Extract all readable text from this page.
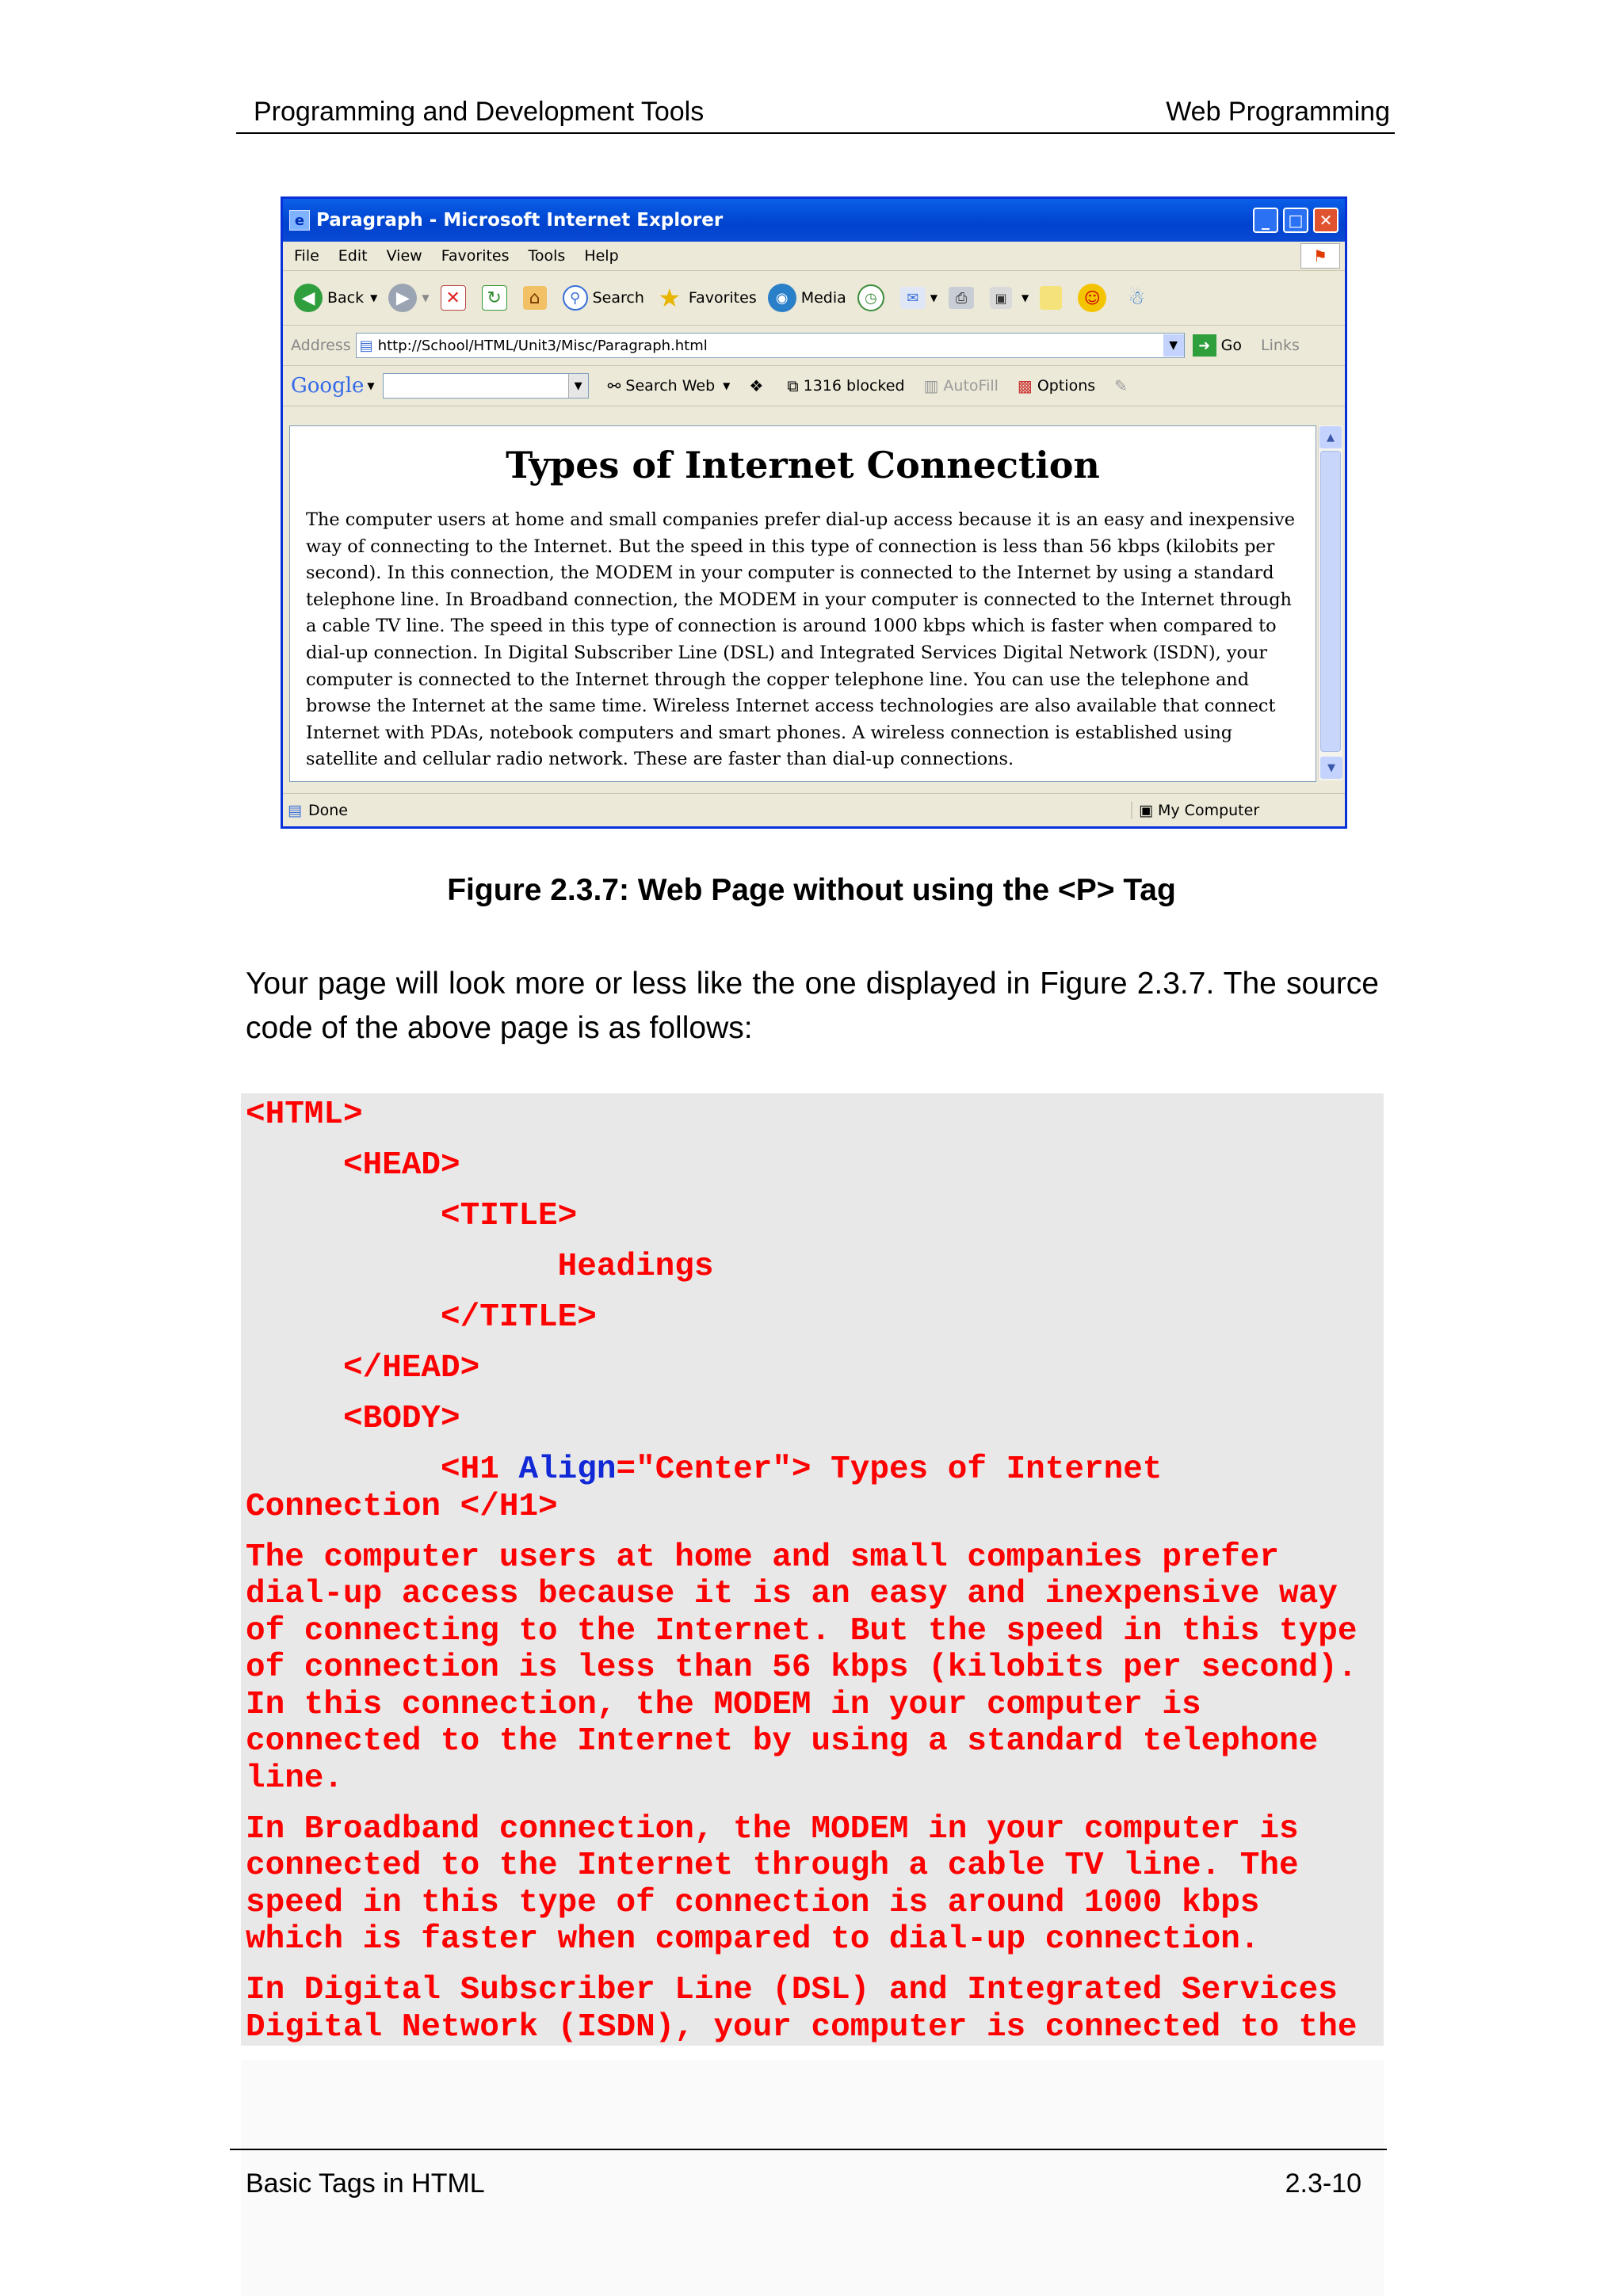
Programming and Development Tools	Web Programming
e Paragraph - Microsoft Internet Explorer	_	□	✕
File Edit View Favorites Tools Help	⚑
◀ Back ▼	▶	▼ ✕	↻	⌂	⚲ Search ★ Favorites	◉ Media	◷	✉	▼	⎙	▣	▼	☺	☃
Address ▤ http://School/HTML/Unit3/Misc/Paragraph.html	▼	➜ Go Links
Google ▼	▼	⚯ Search Web ▼ ❖ ⧉ 1316 blocked ▥ AutoFill ▩ Options ✎
Types of Internet Connection

The computer users at home and small companies prefer dial-up access because it is an easy and inexpensive way of connecting to the Internet. But the speed in this type of connection is less than 56 kbps (kilobits per second). In this connection, the MODEM in your computer is connected to the Internet by using a standard telephone line. In Broadband connection, the MODEM in your computer is connected to the Internet through a cable TV line. The speed in this type of connection is around 1000 kbps which is faster when compared to dial-up connection. In Digital Subscriber Line (DSL) and Integrated Services Digital Network (ISDN), your computer is connected to the Internet through the copper telephone line. You can use the telephone and browse the Internet at the same time. Wireless Internet access technologies are also available that connect Internet with PDAs, notebook computers and smart phones. A wireless connection is established using satellite and cellular radio network. These are faster than dial-up connections.

▲
▼
▤ Done	▣ My Computer
Figure 2.3.7: Web Page without using the <P> Tag
Your page will look more or less like the one displayed in Figure 2.3.7. The source code of the above page is as follows:
<HTML>
<HEAD>
<TITLE>
Headings
</TITLE>
</HEAD>
<BODY>
<H1 Align="Center"> Types of Internet
Connection </H1>
The computer users at home and small companies prefer
dial-up access because it is an easy and inexpensive way
of connecting to the Internet. But the speed in this type
of connection is less than 56 kbps (kilobits per second).
In this connection, the MODEM in your computer is
connected to the Internet by using a standard telephone
line.
In Broadband connection, the MODEM in your computer is
connected to the Internet through a cable TV line. The
speed in this type of connection is around 1000 kbps
which is faster when compared to dial-up connection.
In Digital Subscriber Line (DSL) and Integrated Services
Digital Network (ISDN), your computer is connected to the
Basic Tags in HTML	2.3-10
